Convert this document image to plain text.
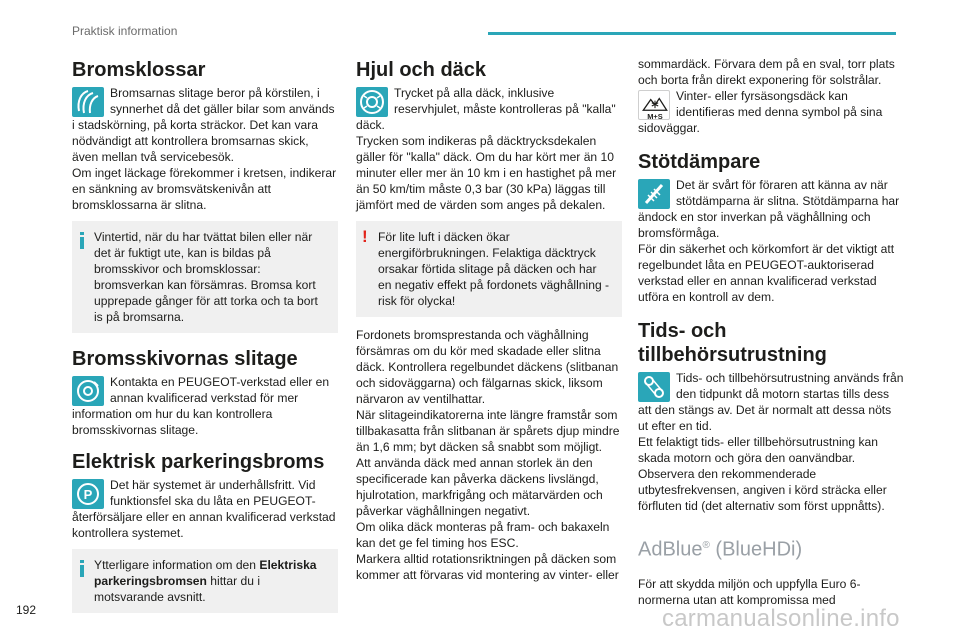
Praktisk information
Bromsklossar

Bromsarnas slitage beror på körstilen, i synnerhet då det gäller bilar som används i stadskörning, på korta sträckor. Det kan vara nödvändigt att kontrollera bromsarnas skick, även mellan två servicebesök.

Om inget läckage förekommer i kretsen, indikerar en sänkning av bromsvätskenivån att bromsklossarna är slitna.

Vintertid, när du har tvättat bilen eller när det är fuktigt ute, kan is bildas på bromsskivor och bromsklossar: bromsverkan kan försämras. Bromsa kort upprepade gånger för att torka och ta bort is på bromsarna.

Bromsskivornas slitage

Kontakta en PEUGEOT-verkstad eller en annan kvalificerad verkstad för mer information om hur du kan kontrollera bromsskivornas slitage.

Elektrisk parkeringsbroms
P

Det här systemet är underhållsfritt. Vid funktionsfel ska du låta en PEUGEOT-återförsäljare eller en annan kvalificerad verkstad kontrollera systemet.

Ytterligare information om den Elektriska parkeringsbromsen hittar du i motsvarande avsnitt.

Hjul och däck

Trycket på alla däck, inklusive reservhjulet, måste kontrolleras på "kalla" däck.

Trycken som indikeras på däcktrycksdekalen gäller för "kalla" däck. Om du har kört mer än 10 minuter eller mer än 10 km i en hastighet på mer än 50 km/tim måste 0,3 bar (30 kPa) läggas till jämfört med de värden som anges på dekalen.

! För lite luft i däcken ökar energiförbrukningen. Felaktiga däcktryck orsakar förtida slitage på däcken och har en negativ effekt på fordonets väghållning - risk för olycka!

Fordonets bromsprestanda och väghållning försämras om du kör med skadade eller slitna däck. Kontrollera regelbundet däckens (slitbanan och sidoväggarna) och fälgarnas skick, liksom närvaron av ventilhattar.

När slitageindikatorerna inte längre framstår som tillbakasatta från slitbanan är spårets djup mindre än 1,6 mm; byt däcken så snabbt som möjligt.

Att använda däck med annan storlek än den specificerade kan påverka däckens livslängd, hjulrotation, markfrigång och mätarvärden och påverkar väghållningen negativt.

Om olika däck monteras på fram- och bakaxeln kan det ge fel timing hos ESC.

Markera alltid rotationsriktningen på däcken som kommer att förvaras vid montering av vinter- eller

sommardäck. Förvara dem på en sval, torr plats och borta från direkt exponering för solstrålar.

M+S

Vinter- eller fyrsäsongsdäck kan identifieras med denna symbol på sina sidoväggar.

Stötdämpare

Det är svårt för föraren att känna av när stötdämparna är slitna. Stötdämparna har ändock en stor inverkan på väghållning och bromsförmåga.

För din säkerhet och körkomfort är det viktigt att regelbundet låta en PEUGEOT-auktoriserad verkstad eller en annan kvalificerad verkstad utföra en kontroll av dem.

Tids- och
tillbehörsutrustning

Tids- och tillbehörsutrustning används från den tidpunkt då motorn startas tills dess att den stängs av. Det är normalt att dessa nöts ut efter en tid.

Ett felaktigt tids- eller tillbehörsutrustning kan skada motorn och göra den oanvändbar.

Observera den rekommenderade utbytesfrekvensen, angiven i körd sträcka eller förfluten tid (det alternativ som först uppnåtts).

AdBlue® (BlueHDi)

För att skydda miljön och uppfylla Euro 6-normerna utan att kompromissa med

192	carmanualsonline.info
